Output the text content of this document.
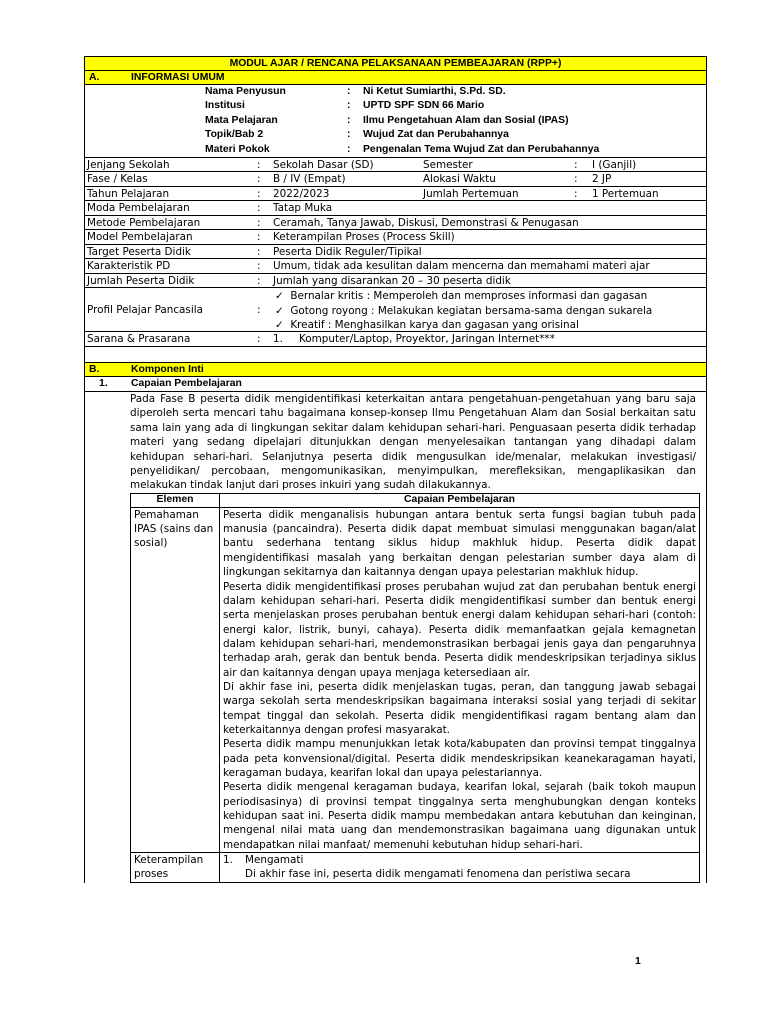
MODUL AJAR / RENCANA PELAKSANAAN PEMBEAJARAN (RPP+)
A.	INFORMASI UMUM
Nama Penyusun	:	Ni Ketut Sumiarthi, S.Pd. SD.
Institusi	:	UPTD SPF SDN 66 Mario
Mata Pelajaran	:	Ilmu Pengetahuan Alam dan Sosial (IPAS)
Topik/Bab 2	:	Wujud Zat dan Perubahannya
Materi Pokok	:	Pengenalan Tema Wujud Zat dan Perubahannya
Jenjang Sekolah	:	Sekolah Dasar (SD)	Semester	:	I (Ganjil)
Fase / Kelas	:	B / IV (Empat)	Alokasi Waktu	:	2 JP
Tahun Pelajaran	:	2022/2023	Jumlah Pertemuan	:	1 Pertemuan
Moda Pembelajaran	:	Tatap Muka
Metode Pembelajaran	:	Ceramah, Tanya Jawab, Diskusi, Demonstrasi & Penugasan
Model Pembelajaran	:	Keterampilan Proses (Process Skill)
Target Peserta Didik	:	Peserta Didik Reguler/Tipikal
Karakteristik PD	:	Umum, tidak ada kesulitan dalam mencerna dan memahami materi ajar
Jumlah Peserta Didik	:	Jumlah yang disarankan 20 – 30 peserta didik
Profil Pelajar Pancasila	:
✓ Bernalar kritis : Memperoleh dan memproses informasi dan gagasan
✓ Gotong royong : Melakukan kegiatan bersama-sama dengan sukarela
✓ Kreatif : Menghasilkan karya dan gagasan yang orisinal
Sarana & Prasarana	:	1.	Komputer/Laptop, Proyektor, Jaringan Internet***
B.	Komponen Inti
1.	Capaian Pembelajaran
Pada Fase B peserta didik mengidentifikasi keterkaitan antara pengetahuan-pengetahuan yang baru saja diperoleh serta mencari tahu bagaimana konsep-konsep Ilmu Pengetahuan Alam dan Sosial berkaitan satu sama lain yang ada di lingkungan sekitar dalam kehidupan sehari-hari. Penguasaan peserta didik terhadap materi yang sedang dipelajari ditunjukkan dengan menyelesaikan tantangan yang dihadapi dalam kehidupan sehari-hari. Selanjutnya peserta didik mengusulkan ide/menalar, melakukan investigasi/ penyelidikan/ percobaan, mengomunikasikan, menyimpulkan, merefleksikan, mengaplikasikan dan melakukan tindak lanjut dari proses inkuiri yang sudah dilakukannya.
Elemen	Capaian Pembelajaran
Pemahaman IPAS (sains dan sosial)	Peserta didik menganalisis hubungan antara bentuk serta fungsi bagian tubuh pada manusia (pancaindra). Peserta didik dapat membuat simulasi menggunakan bagan/alat bantu sederhana tentang siklus hidup makhluk hidup. Peserta didik dapat mengidentifikasi masalah yang berkaitan dengan pelestarian sumber daya alam di lingkungan sekitarnya dan kaitannya dengan upaya pelestarian makhluk hidup.

Peserta didik mengidentifikasi proses perubahan wujud zat dan perubahan bentuk energi dalam kehidupan sehari-hari. Peserta didik mengidentifikasi sumber dan bentuk energi serta menjelaskan proses perubahan bentuk energi dalam kehidupan sehari-hari (contoh: energi kalor, listrik, bunyi, cahaya). Peserta didik memanfaatkan gejala kemagnetan dalam kehidupan sehari-hari, mendemonstrasikan berbagai jenis gaya dan pengaruhnya terhadap arah, gerak dan bentuk benda. Peserta didik mendeskripsikan terjadinya siklus air dan kaitannya dengan upaya menjaga ketersediaan air.

Di akhir fase ini, peserta didik menjelaskan tugas, peran, dan tanggung jawab sebagai warga sekolah serta mendeskripsikan bagaimana interaksi sosial yang terjadi di sekitar tempat tinggal dan sekolah. Peserta didik mengidentifikasi ragam bentang alam dan keterkaitannya dengan profesi masyarakat.

Peserta didik mampu menunjukkan letak kota/kabupaten dan provinsi tempat tinggalnya pada peta konvensional/digital. Peserta didik mendeskripsikan keanekaragaman hayati, keragaman budaya, kearifan lokal dan upaya pelestariannya.

Peserta didik mengenal keragaman budaya, kearifan lokal, sejarah (baik tokoh maupun periodisasinya) di provinsi tempat tinggalnya serta menghubungkan dengan konteks kehidupan saat ini. Peserta didik mampu membedakan antara kebutuhan dan keinginan, mengenal nilai mata uang dan mendemonstrasikan bagaimana uang digunakan untuk mendapatkan nilai manfaat/ memenuhi kebutuhan hidup sehari-hari.

Keterampilan proses	1. Mengamati
Di akhir fase ini, peserta didik mengamati fenomena dan peristiwa secara
1
